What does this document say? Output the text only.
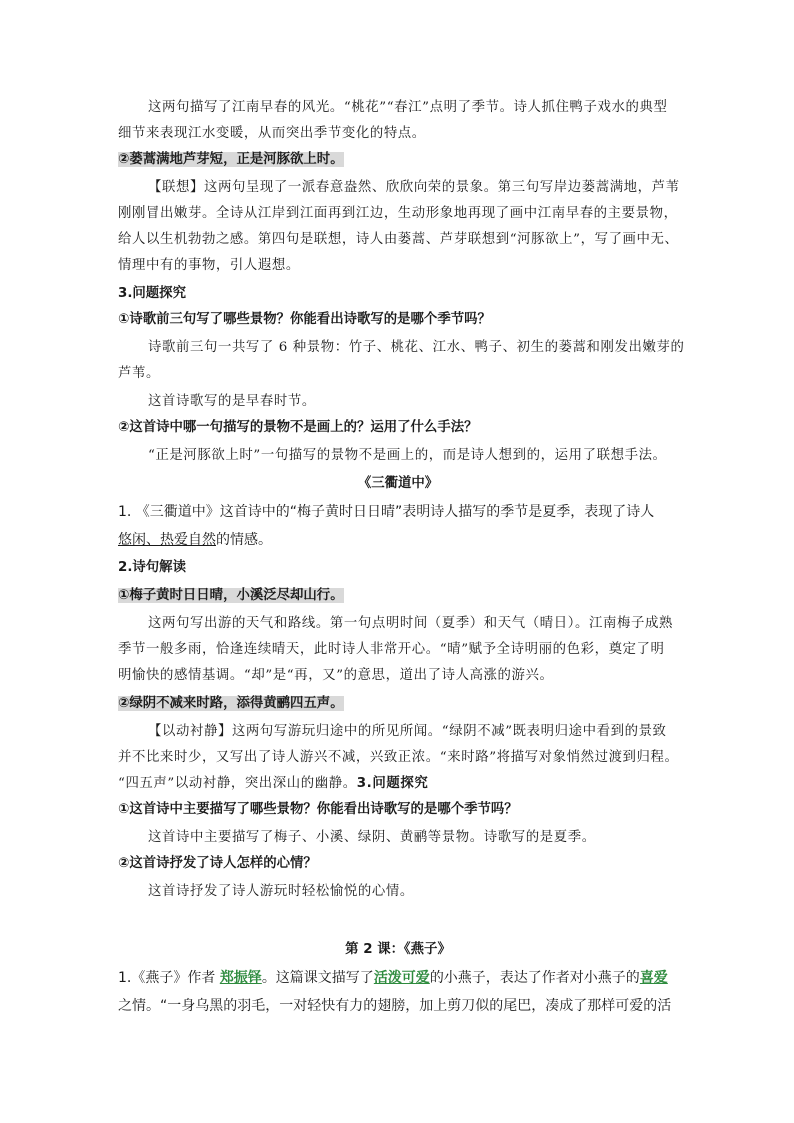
这两句描写了江南早春的风光。“桃花”“春江”点明了季节。诗人抓住鸭子戏水的典型
细节来表现江水变暖，从而突出季节变化的特点。
②蒌蒿满地芦芽短，正是河豚欲上时。
【联想】这两句呈现了一派春意盎然、欣欣向荣的景象。第三句写岸边蒌蒿满地，芦苇
刚刚冒出嫩芽。全诗从江岸到江面再到江边，生动形象地再现了画中江南早春的主要景物，
给人以生机勃勃之感。第四句是联想，诗人由蒌蒿、芦芽联想到“河豚欲上”，写了画中无、
情理中有的事物，引人遐想。
3.问题探究
①诗歌前三句写了哪些景物？你能看出诗歌写的是哪个季节吗？
诗歌前三句一共写了 6 种景物：竹子、桃花、江水、鸭子、初生的蒌蒿和刚发出嫩芽的
芦苇。
这首诗歌写的是早春时节。
②这首诗中哪一句描写的景物不是画上的？运用了什么手法？
“正是河豚欲上时”一句描写的景物不是画上的，而是诗人想到的，运用了联想手法。
《三衢道中》
1. 《三衢道中》这首诗中的“梅子黄时日日晴”表明诗人描写的季节是夏季，表现了诗人
悠闲、热爱自然的情感。
2.诗句解读
①梅子黄时日日晴，小溪泛尽却山行。
这两句写出游的天气和路线。第一句点明时间（夏季）和天气（晴日）。江南梅子成熟
季节一般多雨，恰逢连续晴天，此时诗人非常开心。“晴”赋予全诗明丽的色彩，奠定了明
明愉快的感情基调。“却”是“再，又”的意思，道出了诗人高涨的游兴。
②绿阴不减来时路，添得黄鹂四五声。
【以动衬静】这两句写游玩归途中的所见所闻。“绿阴不减”既表明归途中看到的景致
并不比来时少，又写出了诗人游兴不减，兴致正浓。“来时路”将描写对象悄然过渡到归程。
“四五声”以动衬静，突出深山的幽静。3.问题探究
①这首诗中主要描写了哪些景物？你能看出诗歌写的是哪个季节吗？
这首诗中主要描写了梅子、小溪、绿阴、黄鹂等景物。诗歌写的是夏季。
②这首诗抒发了诗人怎样的心情？
这首诗抒发了诗人游玩时轻松愉悦的心情。
第 2 课：《燕子》
1.《燕子》作者 郑振铎。这篇课文描写了活泼可爱的小燕子，表达了作者对小燕子的喜爱
之情。“一身乌黑的羽毛，一对轻快有力的翅膀，加上剪刀似的尾巴，凑成了那样可爱的活
